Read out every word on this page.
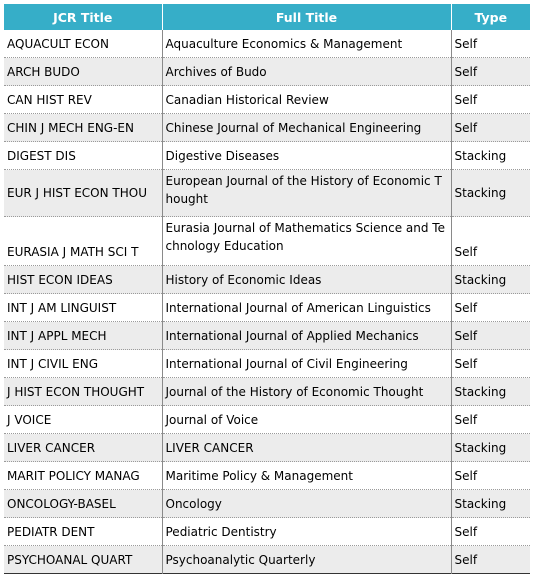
JCR Title	Full Title	Type
AQUACULT ECON	Aquaculture Economics & Management	Self
ARCH BUDO	Archives of Budo	Self
CAN HIST REV	Canadian Historical Review	Self
CHIN J MECH ENG-EN	Chinese Journal of Mechanical Engineering	Self
DIGEST DIS	Digestive Diseases	Stacking
EUR J HIST ECON THOU	European Journal of the History of Economic Thought	Stacking
EURASIA J MATH SCI T	Eurasia Journal of Mathematics Science and Technology Education	Self
HIST ECON IDEAS	History of Economic Ideas	Stacking
INT J AM LINGUIST	International Journal of American Linguistics	Self
INT J APPL MECH	International Journal of Applied Mechanics	Self
INT J CIVIL ENG	International Journal of Civil Engineering	Self
J HIST ECON THOUGHT	Journal of the History of Economic Thought	Stacking
J VOICE	Journal of Voice	Self
LIVER CANCER	LIVER CANCER	Stacking
MARIT POLICY MANAG	Maritime Policy & Management	Self
ONCOLOGY-BASEL	Oncology	Stacking
PEDIATR DENT	Pediatric Dentistry	Self
PSYCHOANAL QUART	Psychoanalytic Quarterly	Self
